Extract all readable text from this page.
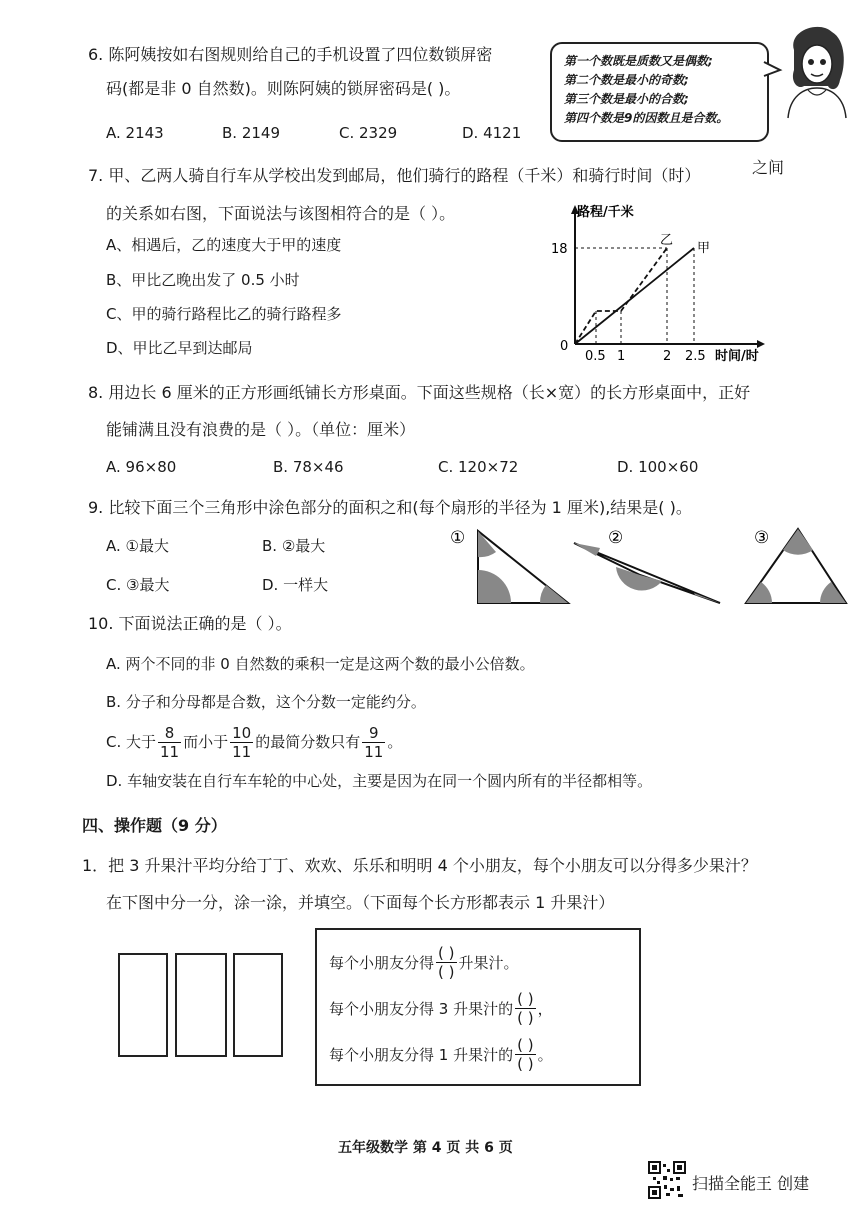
6. 陈阿姨按如右图规则给自己的手机设置了四位数锁屏密
码(都是非 0 自然数)。则陈阿姨的锁屏密码是( )。
A. 2143	B. 2149	C. 2329	D. 4121
第一个数既是质数又是偶数;
第二个数是最小的奇数;
第三个数是最小的合数;
第四个数是9的因数且是合数。
7. 甲、乙两人骑自行车从学校出发到邮局，他们骑行的路程（千米）和骑行时间（时）	之间
的关系如右图，下面说法与该图相符合的是（ ）。
A、相遇后，乙的速度大于甲的速度
B、甲比乙晚出发了 0.5 小时
C、甲的骑行路程比乙的骑行路程多
D、甲比乙早到达邮局
路程/千米
18
0
0.5 1	2 2.5 时间/时
乙
甲
8. 用边长 6 厘米的正方形画纸铺长方形桌面。下面这些规格（长×宽）的长方形桌面中，正好
能铺满且没有浪费的是（ ）。（单位：厘米）
A. 96×80	B. 78×46	C. 120×72	D. 100×60
9. 比较下面三个三角形中涂色部分的面积之和(每个扇形的半径为 1 厘米),结果是( )。
A. ①最大	B. ②最大
C. ③最大	D. 一样大
①	②	③
10. 下面说法正确的是（ ）。
A. 两个不同的非 0 自然数的乘积一定是这两个数的最小公倍数。
B. 分子和分母都是合数，这个分数一定能约分。
C. 大于 $\frac{8}{11}$ 而小于 $\frac{10}{11}$ 的最简分数只有 $\frac{9}{11}$ 。
D. 车轴安装在自行车车轮的中心处，主要是因为在同一个圆内所有的半径都相等。
四、操作题（9 分）
1．把 3 升果汁平均分给丁丁、欢欢、乐乐和明明 4 个小朋友，每个小朋友可以分得多少果汁？
在下图中分一分，涂一涂，并填空。（下面每个长方形都表示 1 升果汁）
每个小朋友分得 $\frac{( )}{( )}$ 升果汁。
每个小朋友分得 3 升果汁的 $\frac{( )}{( )}$ ，
每个小朋友分得 1 升果汁的 $\frac{( )}{( )}$ 。
五年级数学 第 4 页 共 6 页
扫描全能王 创建
